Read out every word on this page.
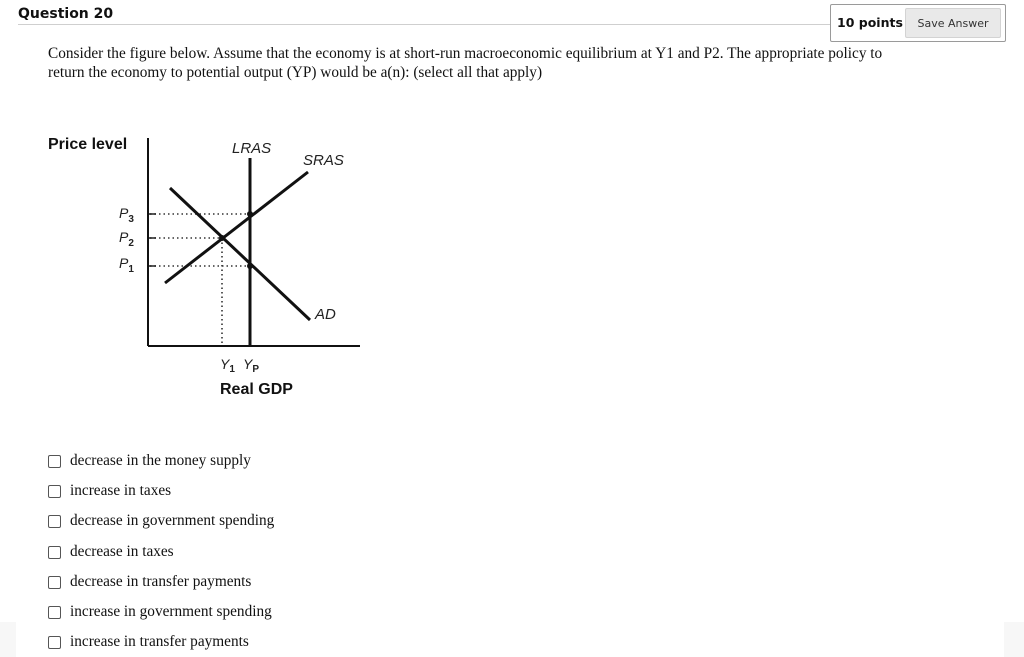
Question 20
10 points	Save Answer
Consider the figure below. Assume that the economy is at short-run macroeconomic equilibrium at Y1 and P2. The appropriate policy to
return the economy to potential output (YP) would be a(n): (select all that apply)
Price level	LRAS
SRAS
AD
$P_3$
$P_2$
$P_1$
$Y_1$ $Y_P$
Real GDP
decrease in the money supply
increase in taxes
decrease in government spending
decrease in taxes
decrease in transfer payments
increase in government spending
increase in transfer payments
